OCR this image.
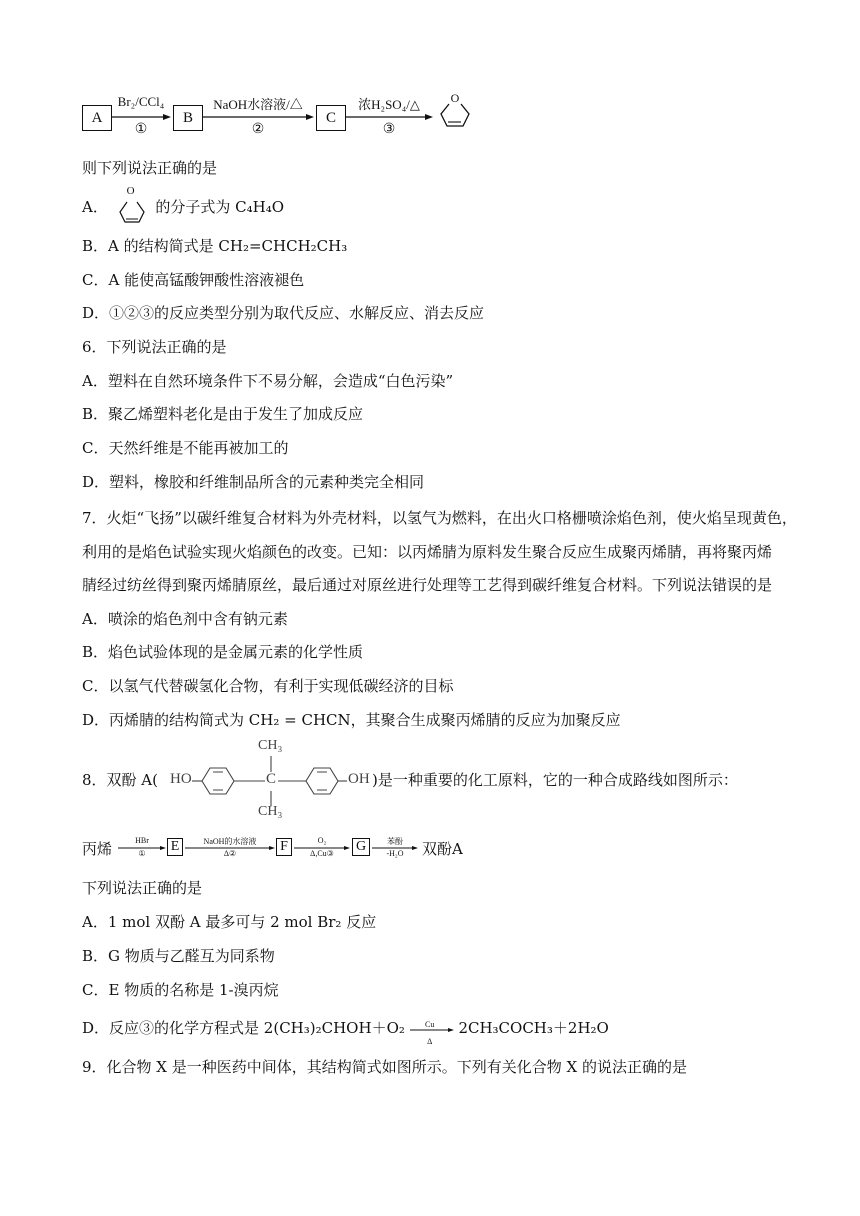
A →
Br₂/CCl₄
①
B
NaOH水溶液/△
②
C
浓H₂SO₄/△
③
O
则下列说法正确的是
A．
O
的分子式为 C₄H₄O
B．A 的结构简式是 CH₂=CHCH₂CH₃
C．A 能使高锰酸钾酸性溶液褪色
D．①②③的反应类型分别为取代反应、水解反应、消去反应
6．下列说法正确的是
A．塑料在自然环境条件下不易分解，会造成“白色污染”
B．聚乙烯塑料老化是由于发生了加成反应
C．天然纤维是不能再被加工的
D．塑料，橡胶和纤维制品所含的元素种类完全相同
7．火炬“飞扬”以碳纤维复合材料为外壳材料，以氢气为燃料，在出火口格栅喷涂焰色剂，使火焰呈现黄色，
利用的是焰色试验实现火焰颜色的改变。已知：以丙烯腈为原料发生聚合反应生成聚丙烯腈，再将聚丙烯
腈经过纺丝得到聚丙烯腈原丝，最后通过对原丝进行处理等工艺得到碳纤维复合材料。下列说法错误的是
A．喷涂的焰色剂中含有钠元素
B．焰色试验体现的是金属元素的化学性质
C．以氢气代替碳氢化合物，有利于实现低碳经济的目标
D．丙烯腈的结构简式为 CH₂ = CHCN，其聚合生成聚丙烯腈的反应为加聚反应
8．双酚 A( HO
CH₃
C
CH₃
OH )是一种重要的化工原料，它的一种合成路线如图所示：
丙烯	HBr
①	E	NaOH的水溶液
Δ②	F	O₂
Δ,Cu③	G	苯酚
-H₂O	双酚A
下列说法正确的是
A．1 mol 双酚 A 最多可与 2 mol Br₂ 反应
B．G 物质与乙醛互为同系物
C．E 物质的名称是 1-溴丙烷
D．反应③的化学方程式是 2(CH₃)₂CHOH＋O₂	Cu
Δ
2CH₃COCH₃＋2H₂O
9．化合物 X 是一种医药中间体，其结构简式如图所示。下列有关化合物 X 的说法正确的是
